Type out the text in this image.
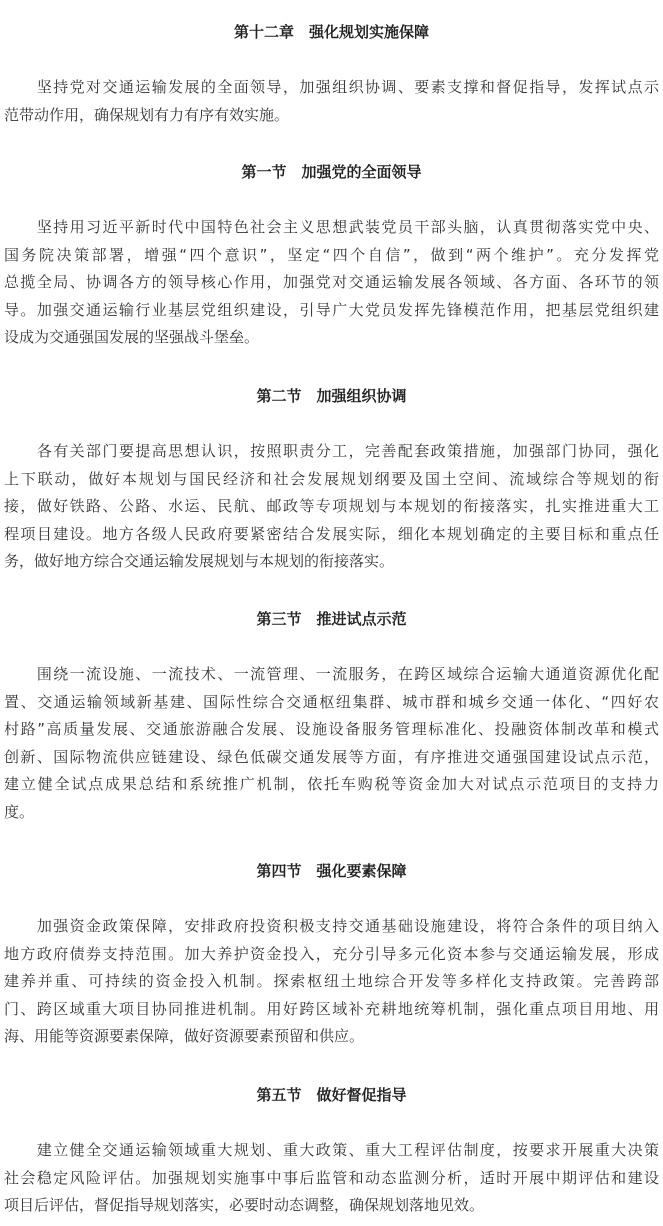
第十二章　强化规划实施保障
　　坚持党对交通运输发展的全面领导，加强组织协调、要素支撑和督促指导，发挥试点示
范带动作用，确保规划有力有序有效实施。
第一节　加强党的全面领导
　　坚持用习近平新时代中国特色社会主义思想武装党员干部头脑，认真贯彻落实党中央、
国务院决策部署，增强“四个意识”，坚定“四个自信”，做到“两个维护”。充分发挥党
总揽全局、协调各方的领导核心作用，加强党对交通运输发展各领域、各方面、各环节的领
导。加强交通运输行业基层党组织建设，引导广大党员发挥先锋模范作用，把基层党组织建
设成为交通强国发展的坚强战斗堡垒。
第二节　加强组织协调
　　各有关部门要提高思想认识，按照职责分工，完善配套政策措施，加强部门协同，强化
上下联动，做好本规划与国民经济和社会发展规划纲要及国土空间、流域综合等规划的衔
接，做好铁路、公路、水运、民航、邮政等专项规划与本规划的衔接落实，扎实推进重大工
程项目建设。地方各级人民政府要紧密结合发展实际，细化本规划确定的主要目标和重点任
务，做好地方综合交通运输发展规划与本规划的衔接落实。
第三节　推进试点示范
　　围绕一流设施、一流技术、一流管理、一流服务，在跨区域综合运输大通道资源优化配
置、交通运输领域新基建、国际性综合交通枢纽集群、城市群和城乡交通一体化、“四好农
村路”高质量发展、交通旅游融合发展、设施设备服务管理标准化、投融资体制改革和模式
创新、国际物流供应链建设、绿色低碳交通发展等方面，有序推进交通强国建设试点示范，
建立健全试点成果总结和系统推广机制，依托车购税等资金加大对试点示范项目的支持力
度。
第四节　强化要素保障
　　加强资金政策保障，安排政府投资积极支持交通基础设施建设，将符合条件的项目纳入
地方政府债券支持范围。加大养护资金投入，充分引导多元化资本参与交通运输发展，形成
建养并重、可持续的资金投入机制。探索枢纽土地综合开发等多样化支持政策。完善跨部
门、跨区域重大项目协同推进机制。用好跨区域补充耕地统筹机制，强化重点项目用地、用
海、用能等资源要素保障，做好资源要素预留和供应。
第五节　做好督促指导
　　建立健全交通运输领域重大规划、重大政策、重大工程评估制度，按要求开展重大决策
社会稳定风险评估。加强规划实施事中事后监管和动态监测分析，适时开展中期评估和建设
项目后评估，督促指导规划落实，必要时动态调整，确保规划落地见效。
